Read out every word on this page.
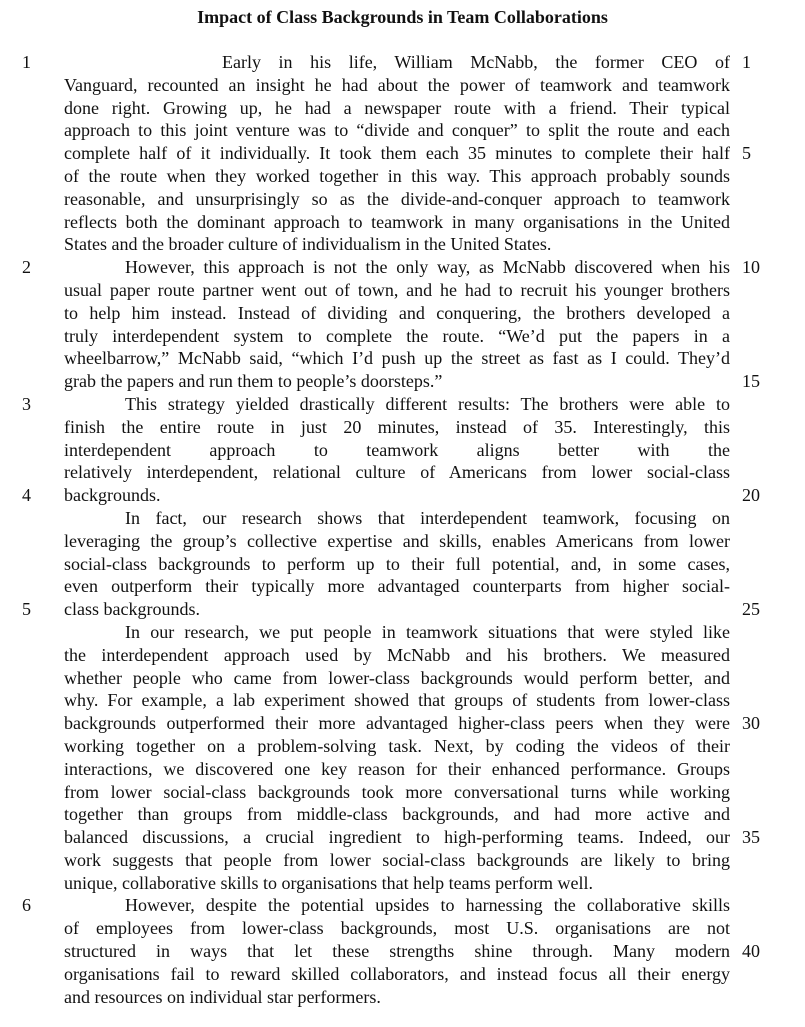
Impact of Class Backgrounds in Team Collaborations
1
2
3
4
5
6
1
5
10
15
20
25
30
35
40
Early in his life, William McNabb, the former CEO of
Vanguard, recounted an insight he had about the power of teamwork and teamwork
done right. Growing up, he had a newspaper route with a friend. Their typical
approach to this joint venture was to “divide and conquer” to split the route and each
complete half of it individually. It took them each 35 minutes to complete their half
of the route when they worked together in this way. This approach probably sounds
reasonable, and unsurprisingly so as the divide-and-conquer approach to teamwork
reflects both the dominant approach to teamwork in many organisations in the United
States and the broader culture of individualism in the United States.
However, this approach is not the only way, as McNabb discovered when his
usual paper route partner went out of town, and he had to recruit his younger brothers
to help him instead. Instead of dividing and conquering, the brothers developed a
truly interdependent system to complete the route. “We’d put the papers in a
wheelbarrow,” McNabb said, “which I’d push up the street as fast as I could. They’d
grab the papers and run them to people’s doorsteps.”
This strategy yielded drastically different results: The brothers were able to
finish the entire route in just 20 minutes, instead of 35. Interestingly, this
interdependent approach to teamwork aligns better with the
relatively interdependent, relational culture of Americans from lower social-class
backgrounds.
In fact, our research shows that interdependent teamwork, focusing on
leveraging the group’s collective expertise and skills, enables Americans from lower
social-class backgrounds to perform up to their full potential, and, in some cases,
even outperform their typically more advantaged counterparts from higher social-
class backgrounds.
In our research, we put people in teamwork situations that were styled like
the interdependent approach used by McNabb and his brothers. We measured
whether people who came from lower-class backgrounds would perform better, and
why. For example, a lab experiment showed that groups of students from lower-class
backgrounds outperformed their more advantaged higher-class peers when they were
working together on a problem-solving task. Next, by coding the videos of their
interactions, we discovered one key reason for their enhanced performance. Groups
from lower social-class backgrounds took more conversational turns while working
together than groups from middle-class backgrounds, and had more active and
balanced discussions, a crucial ingredient to high-performing teams. Indeed, our
work suggests that people from lower social-class backgrounds are likely to bring
unique, collaborative skills to organisations that help teams perform well.
However, despite the potential upsides to harnessing the collaborative skills
of employees from lower-class backgrounds, most U.S. organisations are not
structured in ways that let these strengths shine through. Many modern
organisations fail to reward skilled collaborators, and instead focus all their energy
and resources on individual star performers.
